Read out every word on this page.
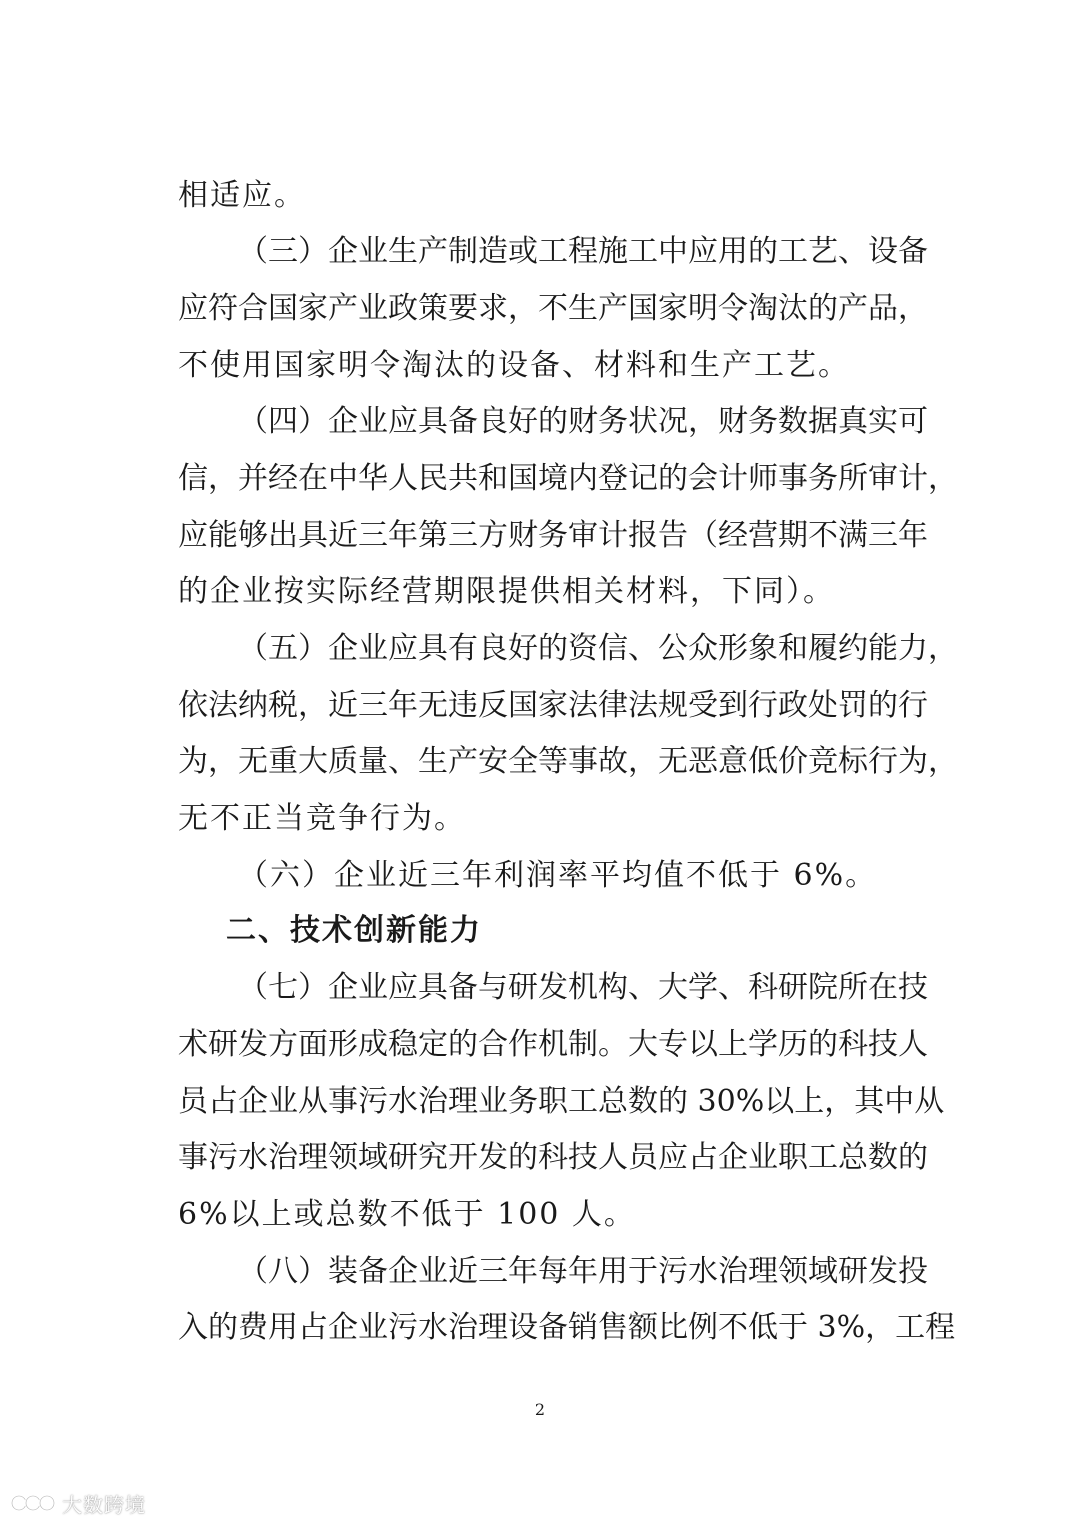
相适应。
（三）企业生产制造或工程施工中应用的工艺、设备
应符合国家产业政策要求，不生产国家明令淘汰的产品，
不使用国家明令淘汰的设备、材料和生产工艺。
（四）企业应具备良好的财务状况，财务数据真实可
信，并经在中华人民共和国境内登记的会计师事务所审计，
应能够出具近三年第三方财务审计报告（经营期不满三年
的企业按实际经营期限提供相关材料，下同）。
（五）企业应具有良好的资信、公众形象和履约能力，
依法纳税，近三年无违反国家法律法规受到行政处罚的行
为，无重大质量、生产安全等事故，无恶意低价竞标行为，
无不正当竞争行为。
（六）企业近三年利润率平均值不低于 6%。
二、技术创新能力
（七）企业应具备与研发机构、大学、科研院所在技
术研发方面形成稳定的合作机制。大专以上学历的科技人
员占企业从事污水治理业务职工总数的 30%以上，其中从
事污水治理领域研究开发的科技人员应占企业职工总数的
6%以上或总数不低于 100 人。
（八）装备企业近三年每年用于污水治理领域研发投
入的费用占企业污水治理设备销售额比例不低于 3%，工程
2
大数跨境
